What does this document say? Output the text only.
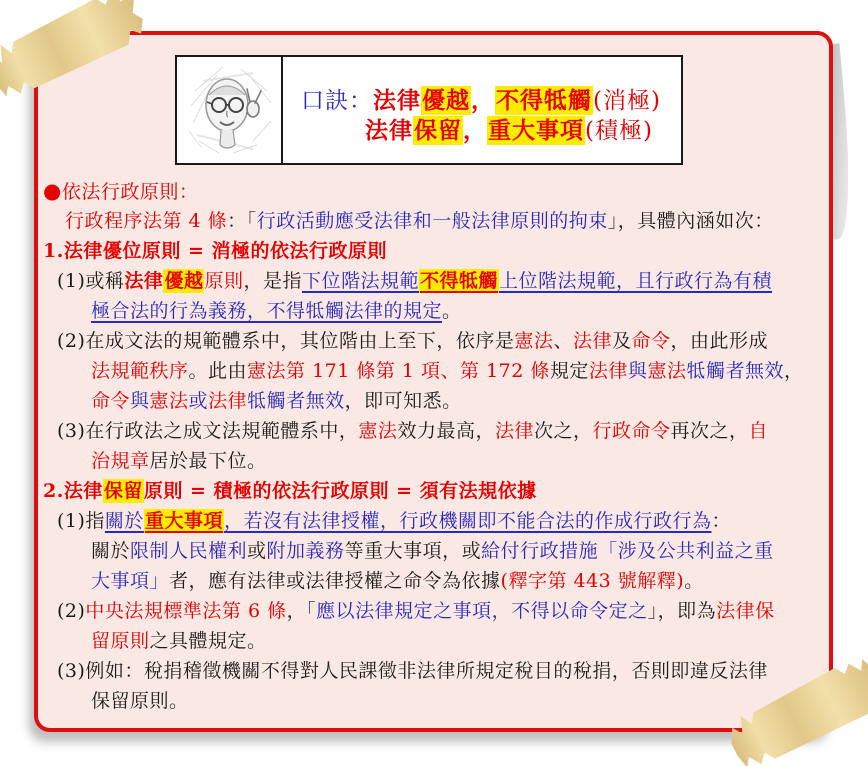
口訣：法律優越，不得牴觸(消極)
法律保留，重大事項(積極)
●依法行政原則：
行政程序法第 4 條：「行政活動應受法律和一般法律原則的拘束」，具體內涵如次：
1.法律優位原則 = 消極的依法行政原則
(1)或稱法律優越原則，是指下位階法規範不得牴觸上位階法規範，且行政行為有積
極合法的行為義務，不得牴觸法律的規定。
(2)在成文法的規範體系中，其位階由上至下，依序是憲法、法律及命令，由此形成
法規範秩序。此由憲法第 171 條第 1 項、第 172 條規定法律與憲法牴觸者無效，
命令與憲法或法律牴觸者無效，即可知悉。
(3)在行政法之成文法規範體系中，憲法效力最高，法律次之，行政命令再次之，自
治規章居於最下位。
2.法律保留原則 = 積極的依法行政原則 = 須有法規依據
(1)指關於重大事項，若沒有法律授權，行政機關即不能合法的作成行政行為：
關於限制人民權利或附加義務等重大事項，或給付行政措施「涉及公共利益之重
大事項」者，應有法律或法律授權之命令為依據(釋字第 443 號解釋)。
(2)中央法規標準法第 6 條，「應以法律規定之事項，不得以命令定之」，即為法律保
留原則之具體規定。
(3)例如：稅捐稽徵機關不得對人民課徵非法律所規定稅目的稅捐，否則即違反法律
保留原則。
